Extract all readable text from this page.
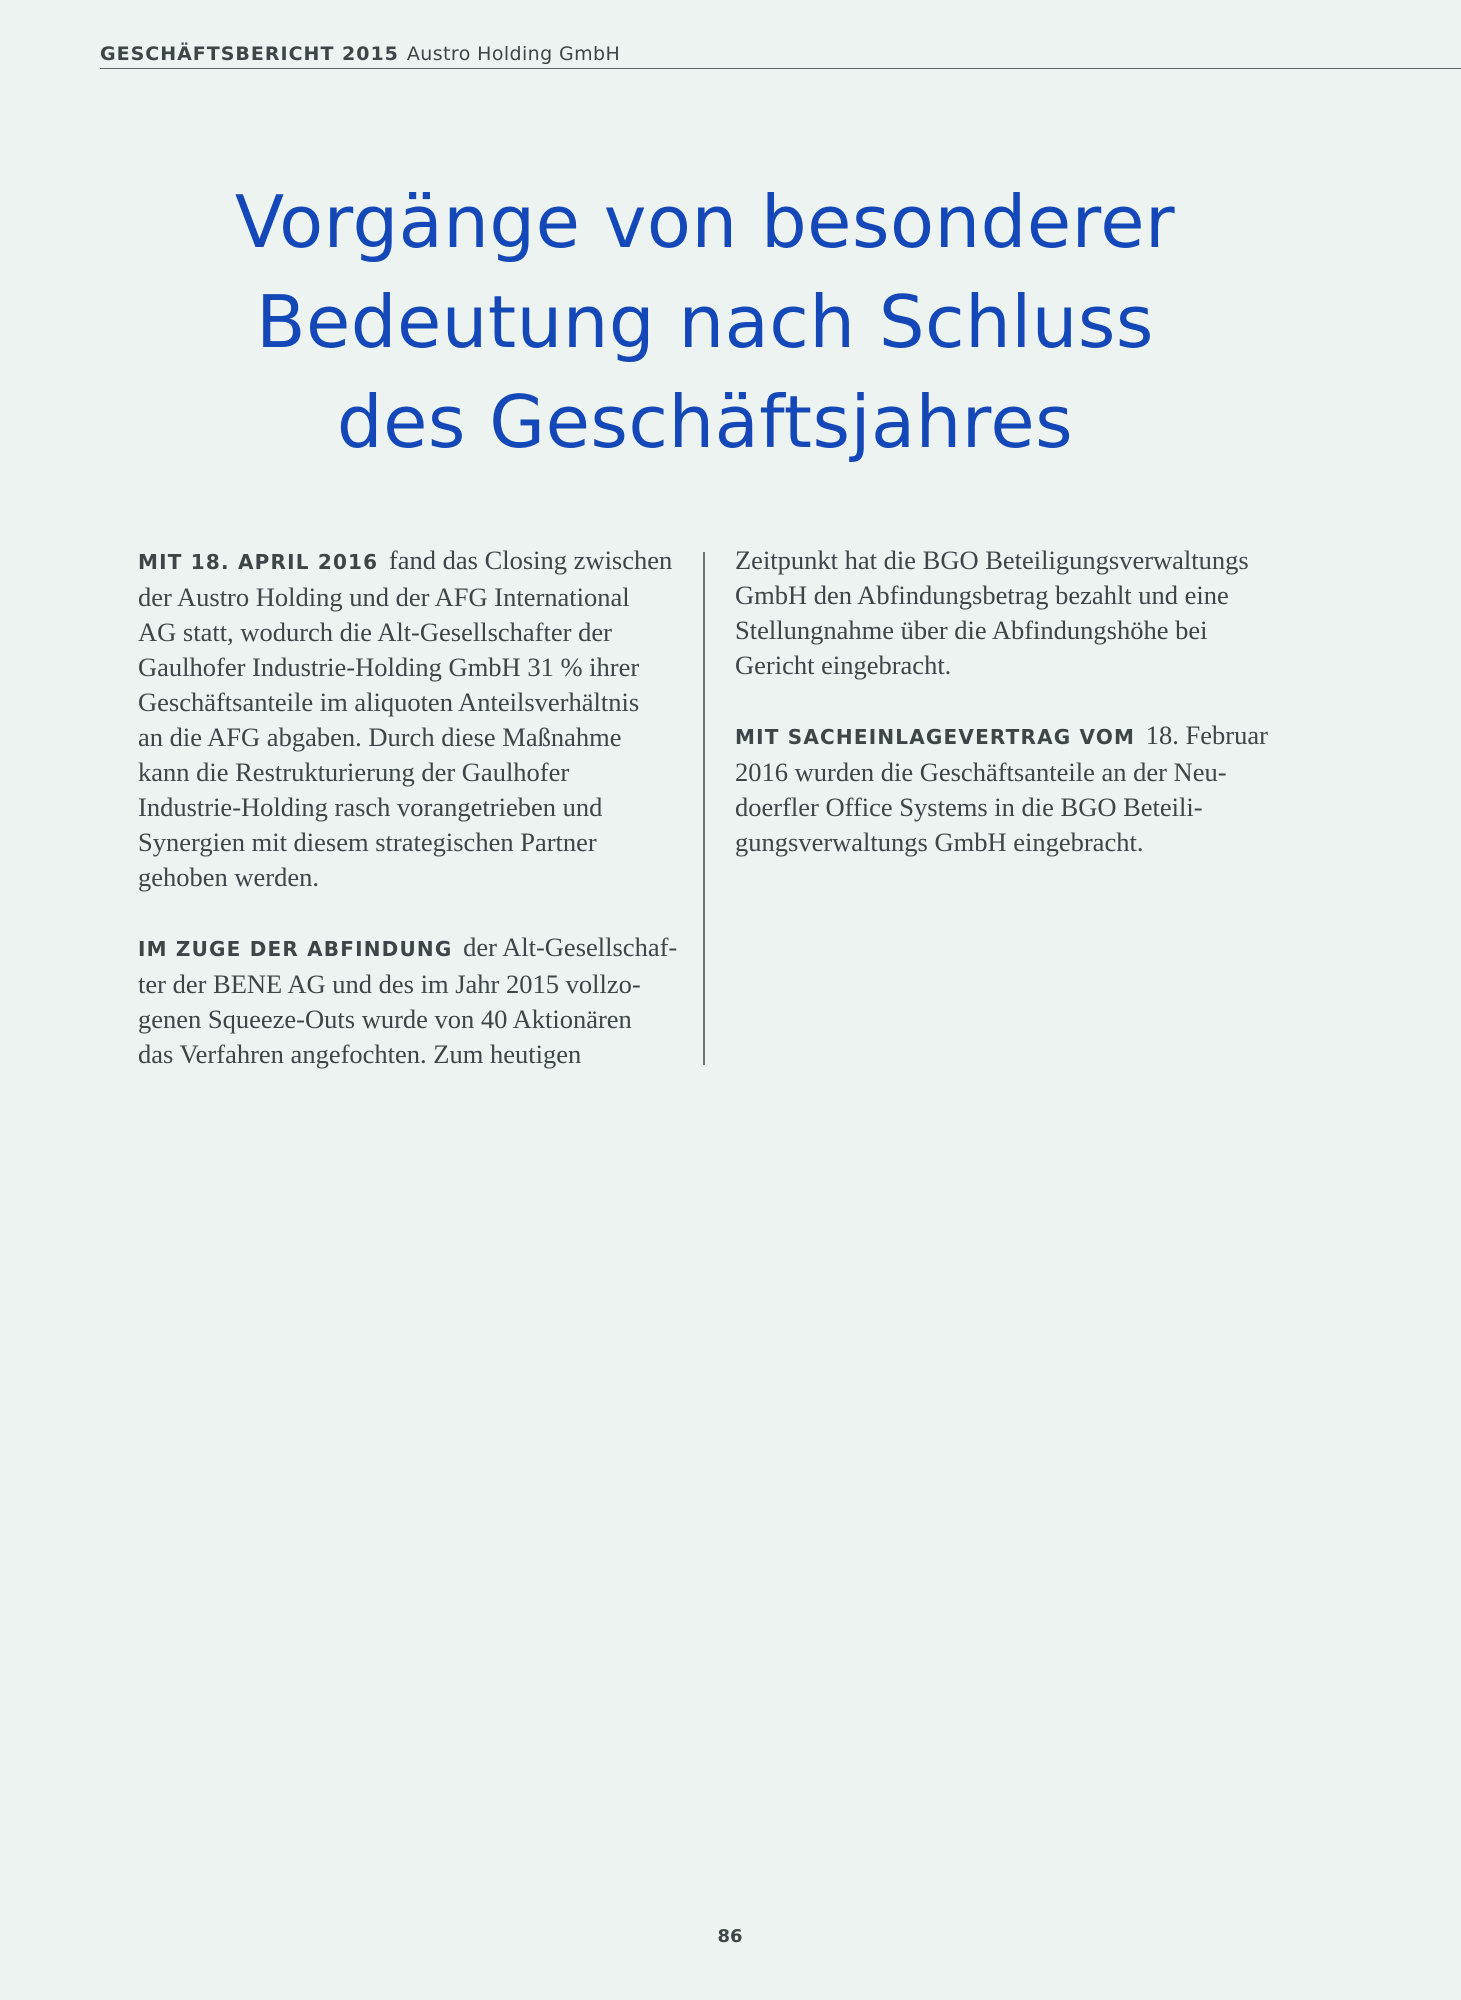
GESCHÄFTSBERICHT 2015 Austro Holding GmbH
Vorgänge von besonderer
Bedeutung nach Schluss
des Geschäftsjahres

MIT 18. APRIL 2016 fand das Closing zwischen
der Austro Holding und der AFG International
AG statt, wodurch die Alt-Gesellschafter der
Gaulhofer Industrie-Holding GmbH 31 % ihrer
Geschäftsanteile im aliquoten Anteilsverhältnis
an die AFG abgaben. Durch diese Maßnahme
kann die Restrukturierung der Gaulhofer
Industrie-Holding rasch vorangetrieben und
Synergien mit diesem strategischen Partner
gehoben werden.

IM ZUGE DER ABFINDUNG der Alt-Gesellschaf-
ter der BENE AG und des im Jahr 2015 vollzo-
genen Squeeze-Outs wurde von 40 Aktionären
das Verfahren angefochten. Zum heutigen

Zeitpunkt hat die BGO Beteiligungsverwaltungs
GmbH den Abfindungsbetrag bezahlt und eine
Stellungnahme über die Abfindungshöhe bei
Gericht eingebracht.

MIT SACHEINLAGEVERTRAG VOM 18. Februar
2016 wurden die Geschäftsanteile an der Neu-
doerfler Office Systems in die BGO Beteili-
gungsverwaltungs GmbH eingebracht.

86
